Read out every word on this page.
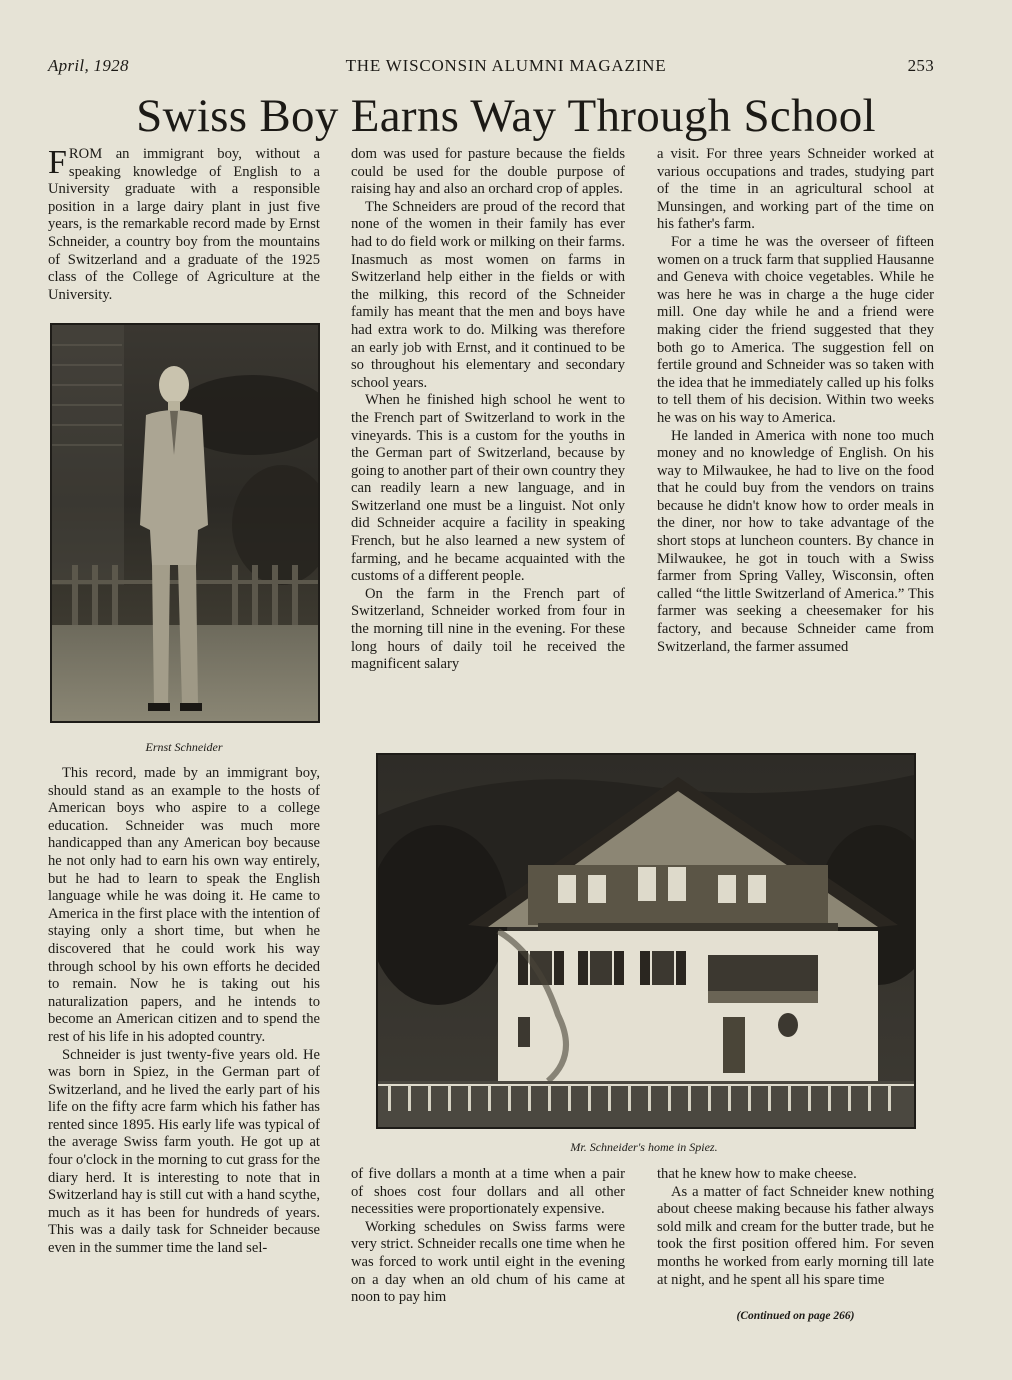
April, 1928	THE WISCONSIN ALUMNI MAGAZINE	253
Swiss Boy Earns Way Through School

FROM an immigrant boy, without a speaking knowledge of English to a University graduate with a responsible position in a large dairy plant in just five years, is the remarkable record made by Ernst Schneider, a country boy from the mountains of Switzerland and a graduate of the 1925 class of the College of Agriculture at the University.

Ernst Schneider

This record, made by an immigrant boy, should stand as an example to the hosts of American boys who aspire to a college education. Schneider was much more handicapped than any American boy because he not only had to earn his own way entirely, but he had to learn to speak the English language while he was doing it. He came to America in the first place with the intention of staying only a short time, but when he discovered that he could work his way through school by his own efforts he decided to remain. Now he is taking out his naturalization papers, and he intends to become an American citizen and to spend the rest of his life in his adopted country.

Schneider is just twenty-five years old. He was born in Spiez, in the German part of Switzerland, and he lived the early part of his life on the fifty acre farm which his father has rented since 1895. His early life was typical of the average Swiss farm youth. He got up at four o'clock in the morning to cut grass for the diary herd. It is interesting to note that in Switzerland hay is still cut with a hand scythe, much as it has been for hundreds of years. This was a daily task for Schneider because even in the summer time the land sel-

dom was used for pasture because the fields could be used for the double purpose of raising hay and also an orchard crop of apples.

The Schneiders are proud of the record that none of the women in their family has ever had to do field work or milking on their farms. Inasmuch as most women on farms in Switzerland help either in the fields or with the milking, this record of the Schneider family has meant that the men and boys have had extra work to do. Milking was therefore an early job with Ernst, and it continued to be so throughout his elementary and secondary school years.

When he finished high school he went to the French part of Switzerland to work in the vineyards. This is a custom for the youths in the German part of Switzerland, because by going to another part of their own country they can readily learn a new language, and in Switzerland one must be a linguist. Not only did Schneider acquire a facility in speaking French, but he also learned a new system of farming, and he became acquainted with the customs of a different people.

On the farm in the French part of Switzerland, Schneider worked from four in the morning till nine in the evening. For these long hours of daily toil he received the magnificent salary

a visit. For three years Schneider worked at various occupations and trades, studying part of the time in an agricultural school at Munsingen, and working part of the time on his father's farm.

For a time he was the overseer of fifteen women on a truck farm that supplied Hausanne and Geneva with choice vegetables. While he was here he was in charge a the huge cider mill. One day while he and a friend were making cider the friend suggested that they both go to America. The suggestion fell on fertile ground and Schneider was so taken with the idea that he immediately called up his folks to tell them of his decision. Within two weeks he was on his way to America.

He landed in America with none too much money and no knowledge of English. On his way to Milwaukee, he had to live on the food that he could buy from the vendors on trains because he didn't know how to order meals in the diner, nor how to take advantage of the short stops at luncheon counters. By chance in Milwaukee, he got in touch with a Swiss farmer from Spring Valley, Wisconsin, often called “the little Switzerland of America.” This farmer was seeking a cheesemaker for his factory, and because Schneider came from Switzerland, the farmer assumed

Mr. Schneider's home in Spiez.

of five dollars a month at a time when a pair of shoes cost four dollars and all other necessities were proportionately expensive.

Working schedules on Swiss farms were very strict. Schneider recalls one time when he was forced to work until eight in the evening on a day when an old chum of his came at noon to pay him

that he knew how to make cheese.

As a matter of fact Schneider knew nothing about cheese making because his father always sold milk and cream for the butter trade, but he took the first position offered him. For seven months he worked from early morning till late at night, and he spent all his spare time

(Continued on page 266)
